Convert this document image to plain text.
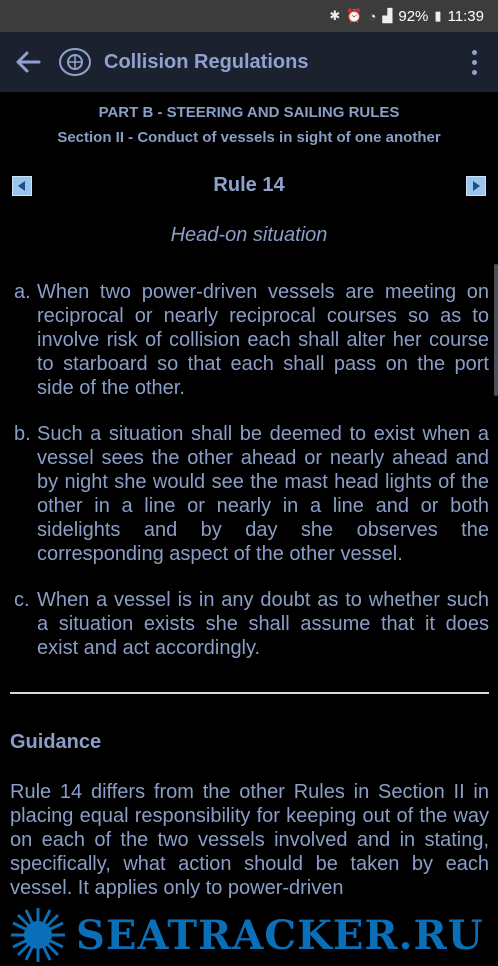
✱ ⏰ ◔ ▟ 92% ▮ 11:39
Collision Regulations
PART B - STEERING AND SAILING RULES
Section II - Conduct of vessels in sight of one another
Rule 14
Head-on situation
a. When two power-driven vessels are meeting on reciprocal or nearly reciprocal courses so as to involve risk of collision each shall alter her course to starboard so that each shall pass on the port side of the other.
b. Such a situation shall be deemed to exist when a vessel sees the other ahead or nearly ahead and by night she would see the mast head lights of the other in a line or nearly in a line and or both sidelights and by day she observes the corresponding aspect of the other vessel.
c. When a vessel is in any doubt as to whether such a situation exists she shall assume that it does exist and act accordingly.
Guidance
Rule 14 differs from the other Rules in Section II in placing equal responsibility for keeping out of the way on each of the two vessels involved and in stating, specifically, what action should be taken by each vessel. It applies only to power-driven
SEATRACKER.RU
